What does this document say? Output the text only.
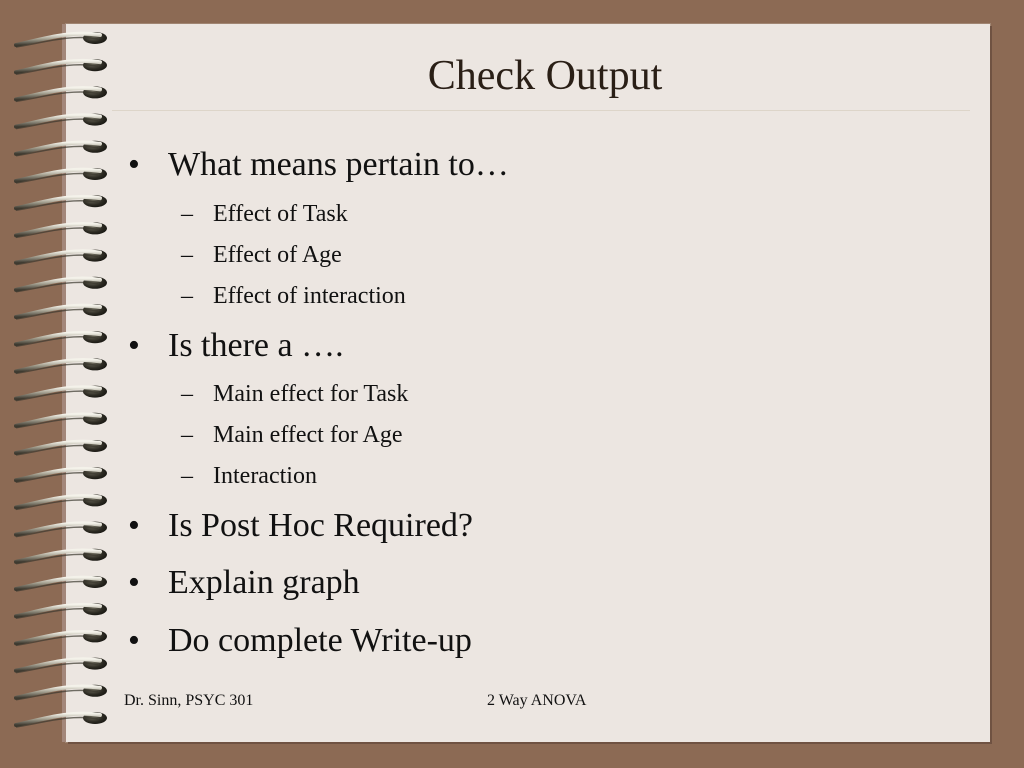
Check Output
• What means pertain to…
– Effect of Task
– Effect of Age
– Effect of interaction
• Is there a ….
– Main effect for Task
– Main effect for Age
– Interaction
• Is Post Hoc Required?
• Explain graph
• Do complete Write-up
Dr. Sinn, PSYC 301	2 Way ANOVA
